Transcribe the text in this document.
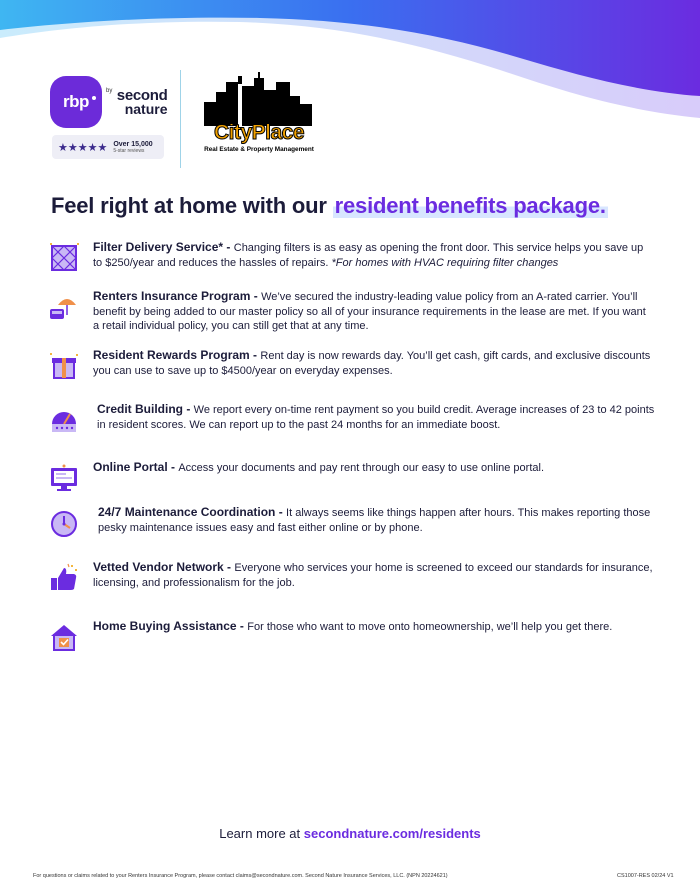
rbp
$^{by}$ second
nature
★★★★★ Over 15,000
5-star reviews
CityPlace
Real Estate & Property Management
Feel right at home with our resident benefits package.
Filter Delivery Service* - Changing filters is as easy as opening the front door. This service helps you save up to $250/year and reduces the hassles of repairs. *For homes with HVAC requiring filter changes
Renters Insurance Program - We’ve secured the industry-leading value policy from an A-rated carrier. You’ll benefit by being added to our master policy so all of your insurance requirements in the lease are met. If you want a retail individual policy, you can still get that at any time.
Resident Rewards Program - Rent day is now rewards day. You’ll get cash, gift cards, and exclusive discounts you can use to save up to $4500/year on everyday expenses.
Credit Building - We report every on-time rent payment so you build credit. Average increases of 23 to 42 points in resident scores. We can report up to the past 24 months for an immediate boost.
Online Portal - Access your documents and pay rent through our easy to use online portal.
24/7 Maintenance Coordination - It always seems like things happen after hours. This makes reporting those pesky maintenance issues easy and fast either online or by phone.
Vetted Vendor Network - Everyone who services your home is screened to exceed our standards for insurance, licensing, and professionalism for the job.
Home Buying Assistance - For those who want to move onto homeownership, we’ll help you get there.
Learn more at secondnature.com/residents
For questions or claims related to your Renters Insurance Program, please contact claims@secondnature.com. Second Nature Insurance Services, LLC. (NPN 20224621)	CS1007-RES 02/24 V1
